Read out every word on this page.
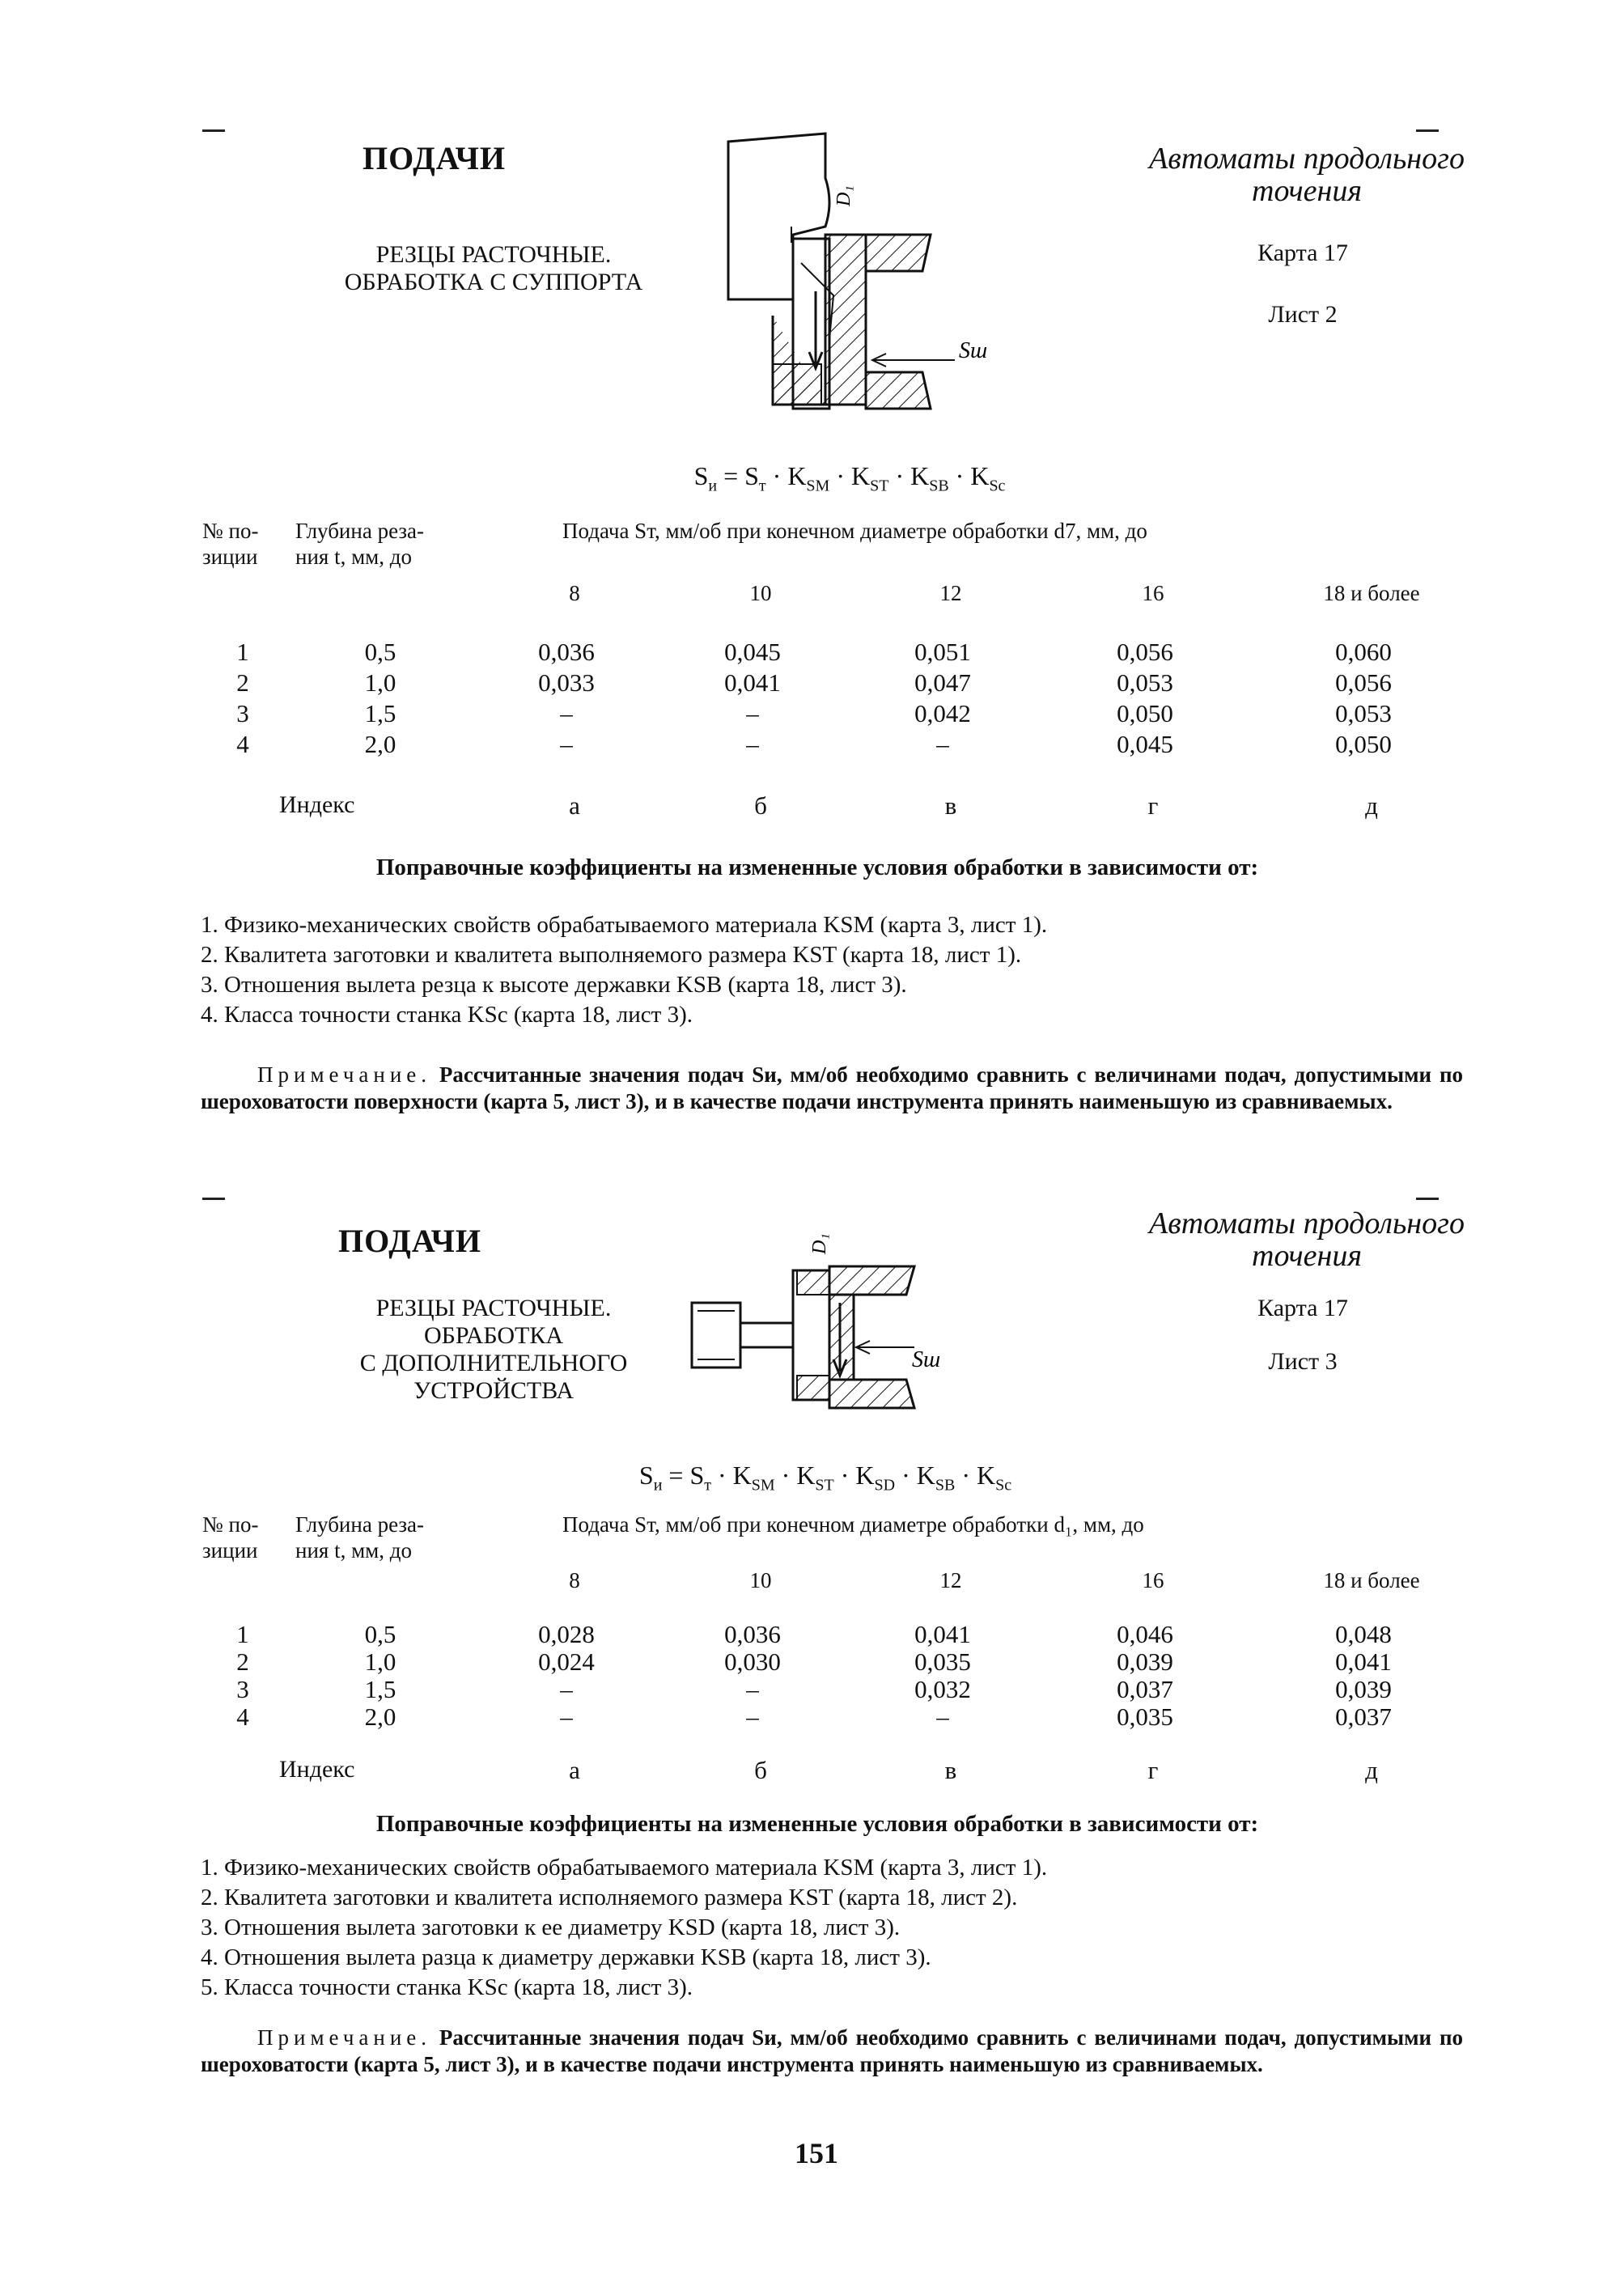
ПОДАЧИ
РЕЗЦЫ РАСТОЧНЫЕ.
ОБРАБОТКА С СУППОРТА
Sш
D₁
Автоматы продольного
точения
Карта 17
Лист 2
$S_и = S_т \cdot K_{SM} \cdot K_{ST} \cdot K_{SB} \cdot K_{Sc}$
№ по-
зиции
Глубина реза-
ния t, мм, до
Подача Sт, мм/об при конечном диаметре обработки d7, мм, до
8	10	12	16	18 и более
1	0,5	0,036	0,045	0,051	0,056	0,060
2	1,0	0,033	0,041	0,047	0,053	0,056
3	1,5	–	–	0,042	0,050	0,053
4	2,0	–	–	–	0,045	0,050
Индекс	а	б	в	г	д
Поправочные коэффициенты на измененные условия обработки в зависимости от:
1. Физико-механических свойств обрабатываемого материала KSM (карта 3, лист 1).
2. Квалитета заготовки и квалитета выполняемого размера KST (карта 18, лист 1).
3. Отношения вылета резца к высоте державки KSB (карта 18, лист 3).
4. Класса точности станка KSc (карта 18, лист 3).
Примечание. Рассчитанные значения подач Sи, мм/об необходимо сравнить с величинами подач, допустимыми по шероховатости поверхности (карта 5, лист 3), и в качестве подачи инструмента принять наименьшую из сравниваемых.
ПОДАЧИ
РЕЗЦЫ РАСТОЧНЫЕ.
ОБРАБОТКА
С ДОПОЛНИТЕЛЬНОГО
УСТРОЙСТВА
Sш
D₁
Автоматы продольного
точения
Карта 17
Лист 3
$S_и = S_т \cdot K_{SM} \cdot K_{ST} \cdot K_{SD} \cdot K_{SB} \cdot K_{Sc}$
№ по-
зиции
Глубина реза-
ния t, мм, до
Подача Sт, мм/об при конечном диаметре обработки d₁, мм, до
8	10	12	16	18 и более
1	0,5	0,028	0,036	0,041	0,046	0,048
2	1,0	0,024	0,030	0,035	0,039	0,041
3	1,5	–	–	0,032	0,037	0,039
4	2,0	–	–	–	0,035	0,037
Индекс	а	б	в	г	д
Поправочные коэффициенты на измененные условия обработки в зависимости от:
1. Физико-механических свойств обрабатываемого материала KSM (карта 3, лист 1).
2. Квалитета заготовки и квалитета исполняемого размера KST (карта 18, лист 2).
3. Отношения вылета заготовки к ее диаметру KSD (карта 18, лист 3).
4. Отношения вылета разца к диаметру державки KSB (карта 18, лист 3).
5. Класса точности станка KSc (карта 18, лист 3).
Примечание. Рассчитанные значения подач Sи, мм/об необходимо сравнить с величинами подач, допустимыми по шероховатости (карта 5, лист 3), и в качестве подачи инструмента принять наименьшую из сравниваемых.
151
